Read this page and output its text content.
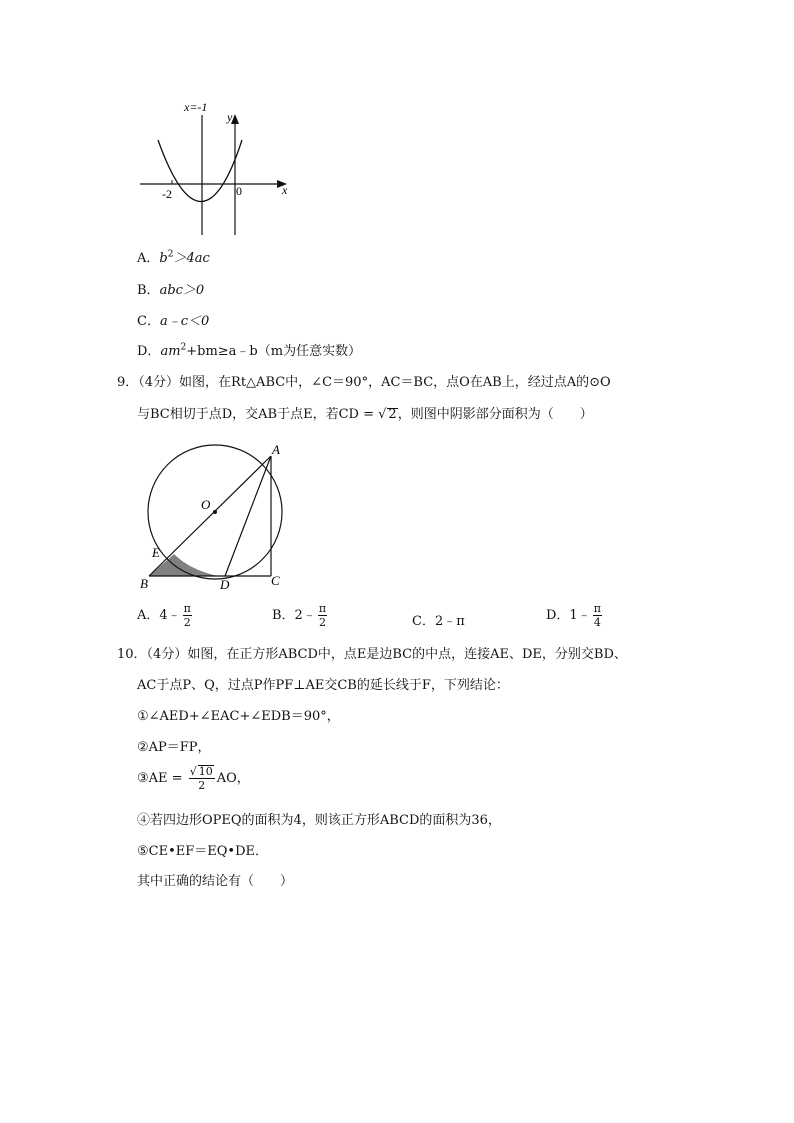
x=-1
y
x
-2	0
A．$b^2>4ac$
B．abc＞0
C．a﹣c＜0
D．$am^2+bm\ge a﹣b(m$为任意实数）
9．（4分）如图，在Rt△ABC中，∠C＝90°，AC＝BC，点O在AB上，经过点A的⊙O
与BC相切于点D，交AB于点E，若CD = √ 2，则图中阴影部分面积为（　　）
A
O
E
B	D	C
A．4﹣ $\frac{\pi}{2}$	B．2﹣ $\frac{\pi}{2}$	C．2﹣π	D．1﹣ $\frac{\pi}{4}$
10．（4分）如图，在正方形ABCD中，点E是边BC的中点，连接AE、DE，分别交BD、
AC于点P、Q，过点P作PF⊥AE交CB的延长线于F，下列结论：
①∠AED+∠EAC+∠EDB＝90°，
②AP＝FP，
③AE = $\frac{√ 10}{2}$ AO，
④若四边形OPEQ的面积为4，则该正方形ABCD的面积为36，
⑤CE•EF＝EQ•DE．
其中正确的结论有（　　）
